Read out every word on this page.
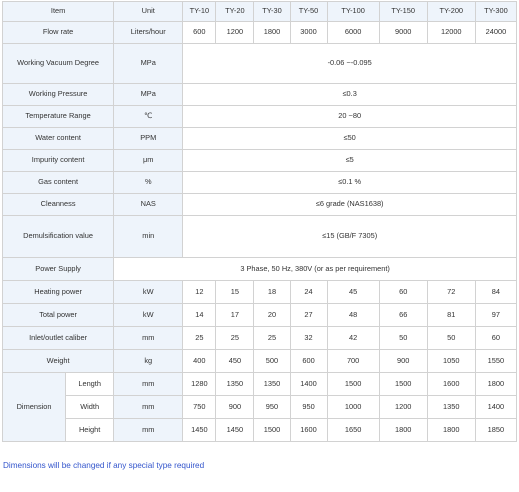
Item		Unit	TY-10	TY-20	TY-30	TY-50	TY-100	TY-150	TY-200	TY-300
Flow rate		Liters/hour	600	1200	1800	3000	6000	9000	12000	24000
Working Vacuum Degree		MPa	-0.06 ~-0.095							
Working Pressure		MPa	≤0.3							
Temperature Range		℃	20 ~80							
Water content		PPM	≤50							
Impurity content		μm	≤5							
Gas content		%	≤0.1 %							
Cleanness		NAS	≤6 grade (NAS1638)							
Demulsification value		min	≤15 (GB/F 7305)							
Power Supply		3 Phase, 50 Hz, 380V (or as per requirement)								
Heating power		kW	12	15	18	24	45	60	72	84
Total power		kW	14	17	20	27	48	66	81	97
Inlet/outlet caliber		mm	25	25	25	32	42	50	50	60
Weight		kg	400	450	500	600	700	900	1050	1550
Dimension	Length	mm	1280	1350	1350	1400	1500	1500	1600	1800
	Width	mm	750	900	950	950	1000	1200	1350	1400
	Height	mm	1450	1450	1500	1600	1650	1800	1800	1850
Dimensions will be changed if any special type required
